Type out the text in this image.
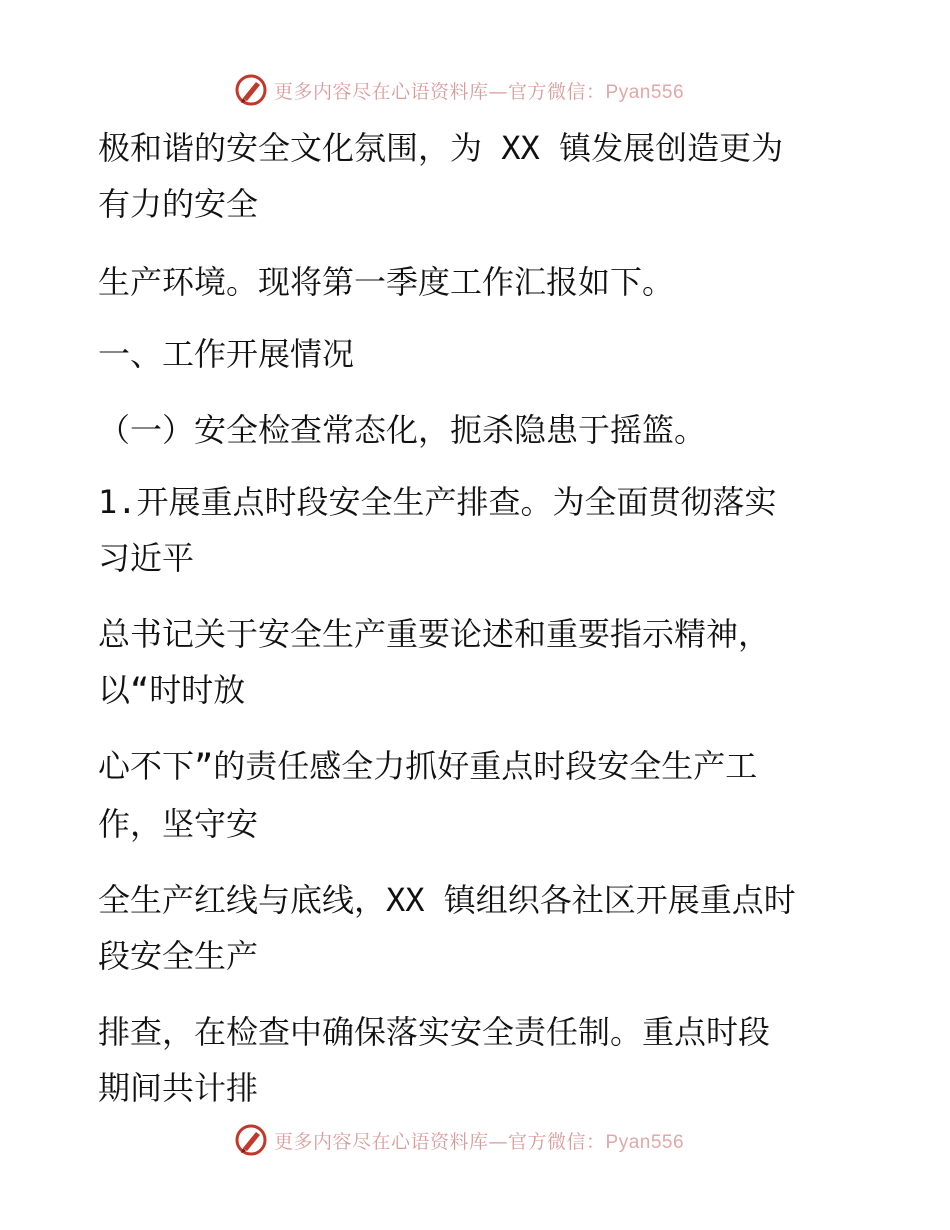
更多内容尽在心语资料库—官方微信：Pyan556
极和谐的安全文化氛围，为 XX 镇发展创造更为
有力的安全
生产环境。现将第一季度工作汇报如下。
一、工作开展情况
（一）安全检查常态化，扼杀隐患于摇篮。
1.开展重点时段安全生产排查。为全面贯彻落实
习近平
总书记关于安全生产重要论述和重要指示精神，
以“时时放
心不下”的责任感全力抓好重点时段安全生产工
作，坚守安
全生产红线与底线，XX 镇组织各社区开展重点时
段安全生产
排查，在检查中确保落实安全责任制。重点时段
期间共计排
更多内容尽在心语资料库—官方微信：Pyan556
